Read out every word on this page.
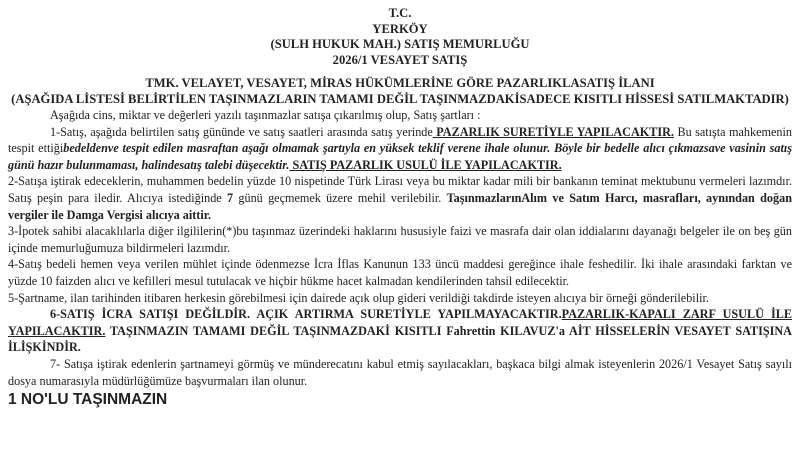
T.C.
YERKÖY
(SULH HUKUK MAH.) SATIŞ MEMURLUĞU
2026/1 VESAYET SATIŞ
TMK. VELAYET, VESAYET, MİRAS HÜKÜMLERİNE GÖRE PAZARLIKLASATIŞ İLANI
(AŞAĞIDA LİSTESİ BELİRTİLEN TAŞINMAZLARIN TAMAMI DEĞİL TAŞINMAZDAKİSADECE KISITLI HİSSESİ SATILMAKTADIR)

Aşağıda cins, miktar ve değerleri yazılı taşınmazlar satışa çıkarılmış olup, Satış şartları :

1-Satış, aşağıda belirtilen satış gününde ve satış saatleri arasında satış yerinde PAZARLIK SURETİYLE YAPILACAKTIR. Bu satışta mahkemenin tespit ettiğibedeldenve tespit edilen masraftan aşağı olmamak şartıyla en yüksek teklif verene ihale olunur. Böyle bir bedelle alıcı çıkmazsave vasinin satış günü hazır bulunmaması, halindesatış talebi düşecektir. SATIŞ PAZARLIK USULÜ İLE YAPILACAKTIR.

2-Satışa iştirak edeceklerin, muhammen bedelin yüzde 10 nispetinde Türk Lirası veya bu miktar kadar mili bir bankanın teminat mektubunu vermeleri lazımdır. Satış peşin para iledir. Alıcıya istediğinde 7 günü geçmemek üzere mehil verilebilir. TaşınmazlarınAlım ve Satım Harcı, masrafları, aynından doğan vergiler ile Damga Vergisi alıcıya aittir.

3-İpotek sahibi alacaklılarla diğer ilgililerin(*)bu taşınmaz üzerindeki haklarını hususiyle faizi ve masrafa dair olan iddialarını dayanağı belgeler ile on beş gün içinde memurluğumuza bildirmeleri lazımdır.

4-Satış bedeli hemen veya verilen mühlet içinde ödenmezse İcra İflas Kanunun 133 üncü maddesi gereğince ihale feshedilir. İki ihale arasındaki farktan ve yüzde 10 faizden alıcı ve kefilleri mesul tutulacak ve hiçbir hükme hacet kalmadan kendilerinden tahsil edilecektir.

5-Şartname, ilan tarihinden itibaren herkesin görebilmesi için dairede açık olup gideri verildiği takdirde isteyen alıcıya bir örneği gönderilebilir.

6-SATIŞ İCRA SATIŞI DEĞİLDİR. AÇIK ARTIRMA SURETİYLE YAPILMAYACAKTIR.PAZARLIK-KAPALI ZARF USULÜ İLE YAPILACAKTIR. TAŞINMAZIN TAMAMI DEĞİL TAŞINMAZDAKİ KISITLI Fahrettin KILAVUZ'a AİT HİSSELERİN VESAYET SATIŞINA İLİŞKİNDİR.

7- Satışa iştirak edenlerin şartnameyi görmüş ve münderecatını kabul etmiş sayılacakları, başkaca bilgi almak isteyenlerin 2026/1 Vesayet Satış sayılı dosya numarasıyla müdürlüğümüze başvurmaları ilan olunur.

1 NO'LU TAŞINMAZIN
